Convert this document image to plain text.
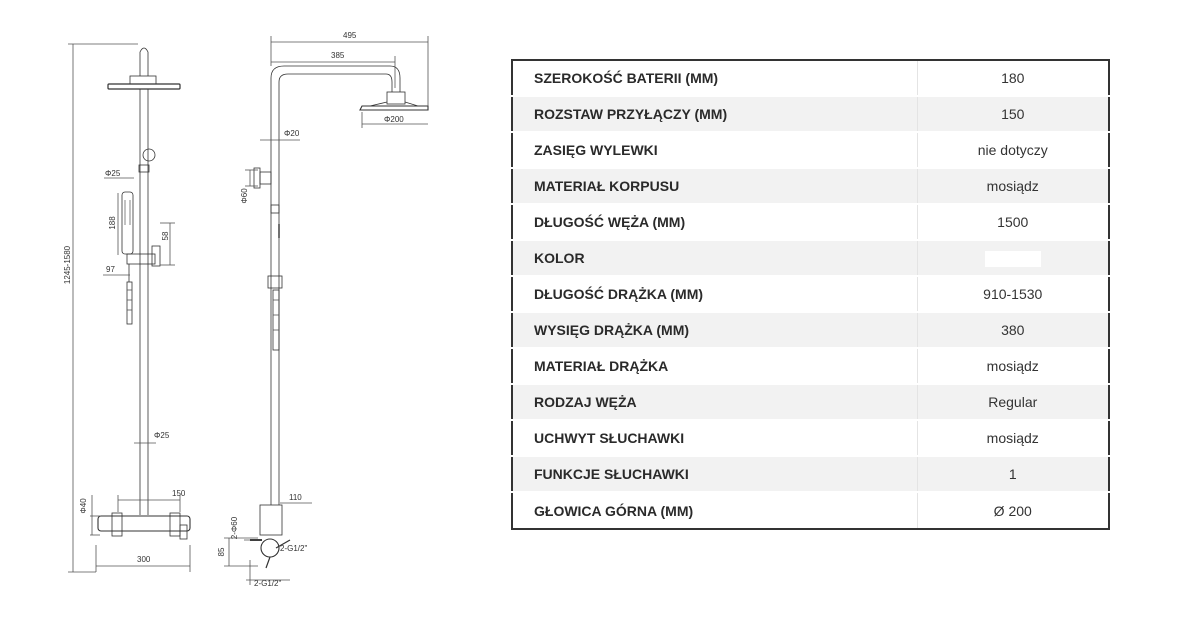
1245-1580
Φ25
188
58
97
Φ25
150
Φ40
300
495
385
Φ200
Φ20
Φ60
110
2-Φ60
2-G1/2"
85
2-G1/2"
SZEROKOŚĆ BATERII (MM)	180
ROZSTAW PRZYŁĄCZY (MM)	150
ZASIĘG WYLEWKI	nie dotyczy
MATERIAŁ KORPUSU	mosiądz
DŁUGOŚĆ WĘŻA (MM)	1500
KOLOR	
DŁUGOŚĆ DRĄŻKA (MM)	910-1530
WYSIĘG DRĄŻKA (MM)	380
MATERIAŁ DRĄŻKA	mosiądz
RODZAJ WĘŻA	Regular
UCHWYT SŁUCHAWKI	mosiądz
FUNKCJE SŁUCHAWKI	1
GŁOWICA GÓRNA (MM)	Ø 200
